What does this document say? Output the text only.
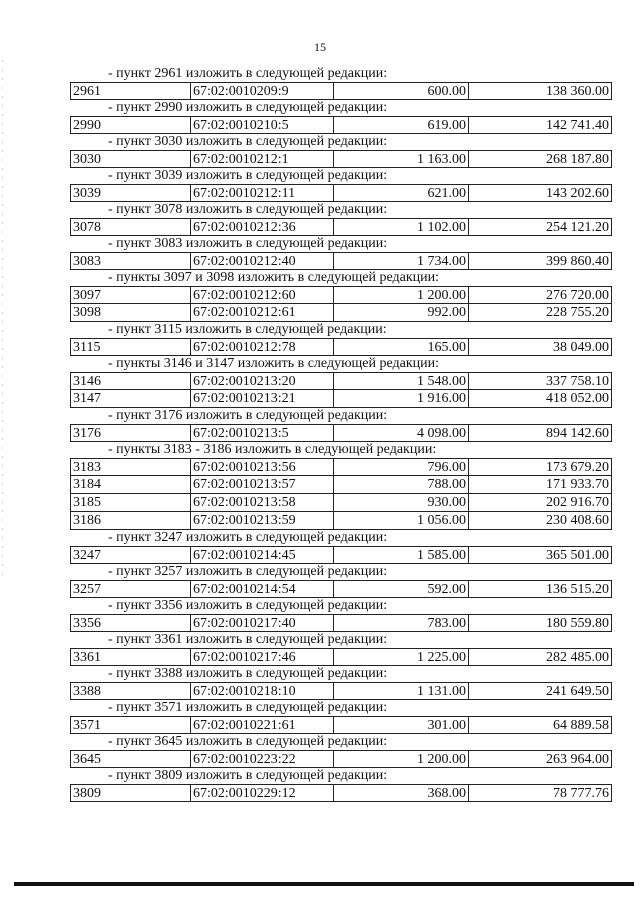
15
- пункт 2961 изложить в следующей редакции:
2961	67:02:0010209:9	600.00	138 360.00
- пункт 2990 изложить в следующей редакции:
2990	67:02:0010210:5	619.00	142 741.40
- пункт 3030 изложить в следующей редакции:
3030	67:02:0010212:1	1 163.00	268 187.80
- пункт 3039 изложить в следующей редакции:
3039	67:02:0010212:11	621.00	143 202.60
- пункт 3078 изложить в следующей редакции:
3078	67:02:0010212:36	1 102.00	254 121.20
- пункт 3083 изложить в следующей редакции:
3083	67:02:0010212:40	1 734.00	399 860.40
- пункты 3097 и 3098 изложить в следующей редакции:
3097	67:02:0010212:60	1 200.00	276 720.00
3098	67:02:0010212:61	992.00	228 755.20
- пункт 3115 изложить в следующей редакции:
3115	67:02:0010212:78	165.00	38 049.00
- пункты 3146 и 3147 изложить в следующей редакции:
3146	67:02:0010213:20	1 548.00	337 758.10
3147	67:02:0010213:21	1 916.00	418 052.00
- пункт 3176 изложить в следующей редакции:
3176	67:02:0010213:5	4 098.00	894 142.60
- пункты 3183 - 3186 изложить в следующей редакции:
3183	67:02:0010213:56	796.00	173 679.20
3184	67:02:0010213:57	788.00	171 933.70
3185	67:02:0010213:58	930.00	202 916.70
3186	67:02:0010213:59	1 056.00	230 408.60
- пункт 3247 изложить в следующей редакции:
3247	67:02:0010214:45	1 585.00	365 501.00
- пункт 3257 изложить в следующей редакции:
3257	67:02:0010214:54	592.00	136 515.20
- пункт 3356 изложить в следующей редакции:
3356	67:02:0010217:40	783.00	180 559.80
- пункт 3361 изложить в следующей редакции:
3361	67:02:0010217:46	1 225.00	282 485.00
- пункт 3388 изложить в следующей редакции:
3388	67:02:0010218:10	1 131.00	241 649.50
- пункт 3571 изложить в следующей редакции:
3571	67:02:0010221:61	301.00	64 889.58
- пункт 3645 изложить в следующей редакции:
3645	67:02:0010223:22	1 200.00	263 964.00
- пункт 3809 изложить в следующей редакции:
3809	67:02:0010229:12	368.00	78 777.76
